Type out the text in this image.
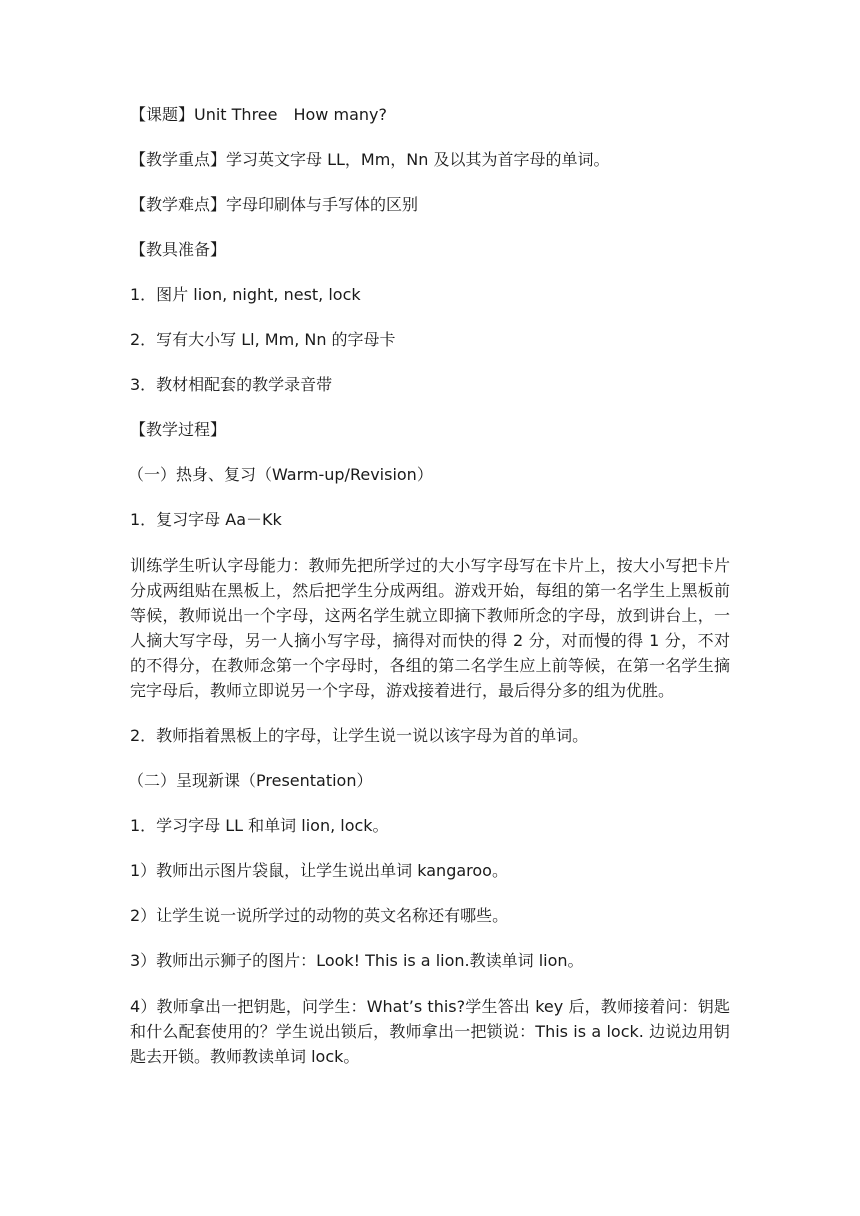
【课题】Unit Three　How many?
【教学重点】学习英文字母 LL，Mm，Nn 及以其为首字母的单词。
【教学难点】字母印刷体与手写体的区别
【教具准备】
1．图片 lion, night, nest, lock
2．写有大小写 Ll, Mm, Nn 的字母卡
3．教材相配套的教学录音带
【教学过程】
（一）热身、复习（Warm-up/Revision）
1．复习字母 Aa－Kk
训练学生听认字母能力：教师先把所学过的大小写字母写在卡片上，按大小写把卡片分成两组贴在黑板上，然后把学生分成两组。游戏开始，每组的第一名学生上黑板前等候，教师说出一个字母，这两名学生就立即摘下教师所念的字母，放到讲台上，一人摘大写字母，另一人摘小写字母，摘得对而快的得 2 分，对而慢的得 1 分，不对的不得分，在教师念第一个字母时，各组的第二名学生应上前等候，在第一名学生摘完字母后，教师立即说另一个字母，游戏接着进行，最后得分多的组为优胜。
2．教师指着黑板上的字母，让学生说一说以该字母为首的单词。
（二）呈现新课（Presentation）
1．学习字母 LL 和单词 lion, lock。
1）教师出示图片袋鼠，让学生说出单词 kangaroo。
2）让学生说一说所学过的动物的英文名称还有哪些。
3）教师出示狮子的图片：Look! This is a lion.教读单词 lion。
4）教师拿出一把钥匙，问学生：What’s this?学生答出 key 后，教师接着问：钥匙和什么配套使用的？学生说出锁后，教师拿出一把锁说：This is a lock. 边说边用钥匙去开锁。教师教读单词 lock。
